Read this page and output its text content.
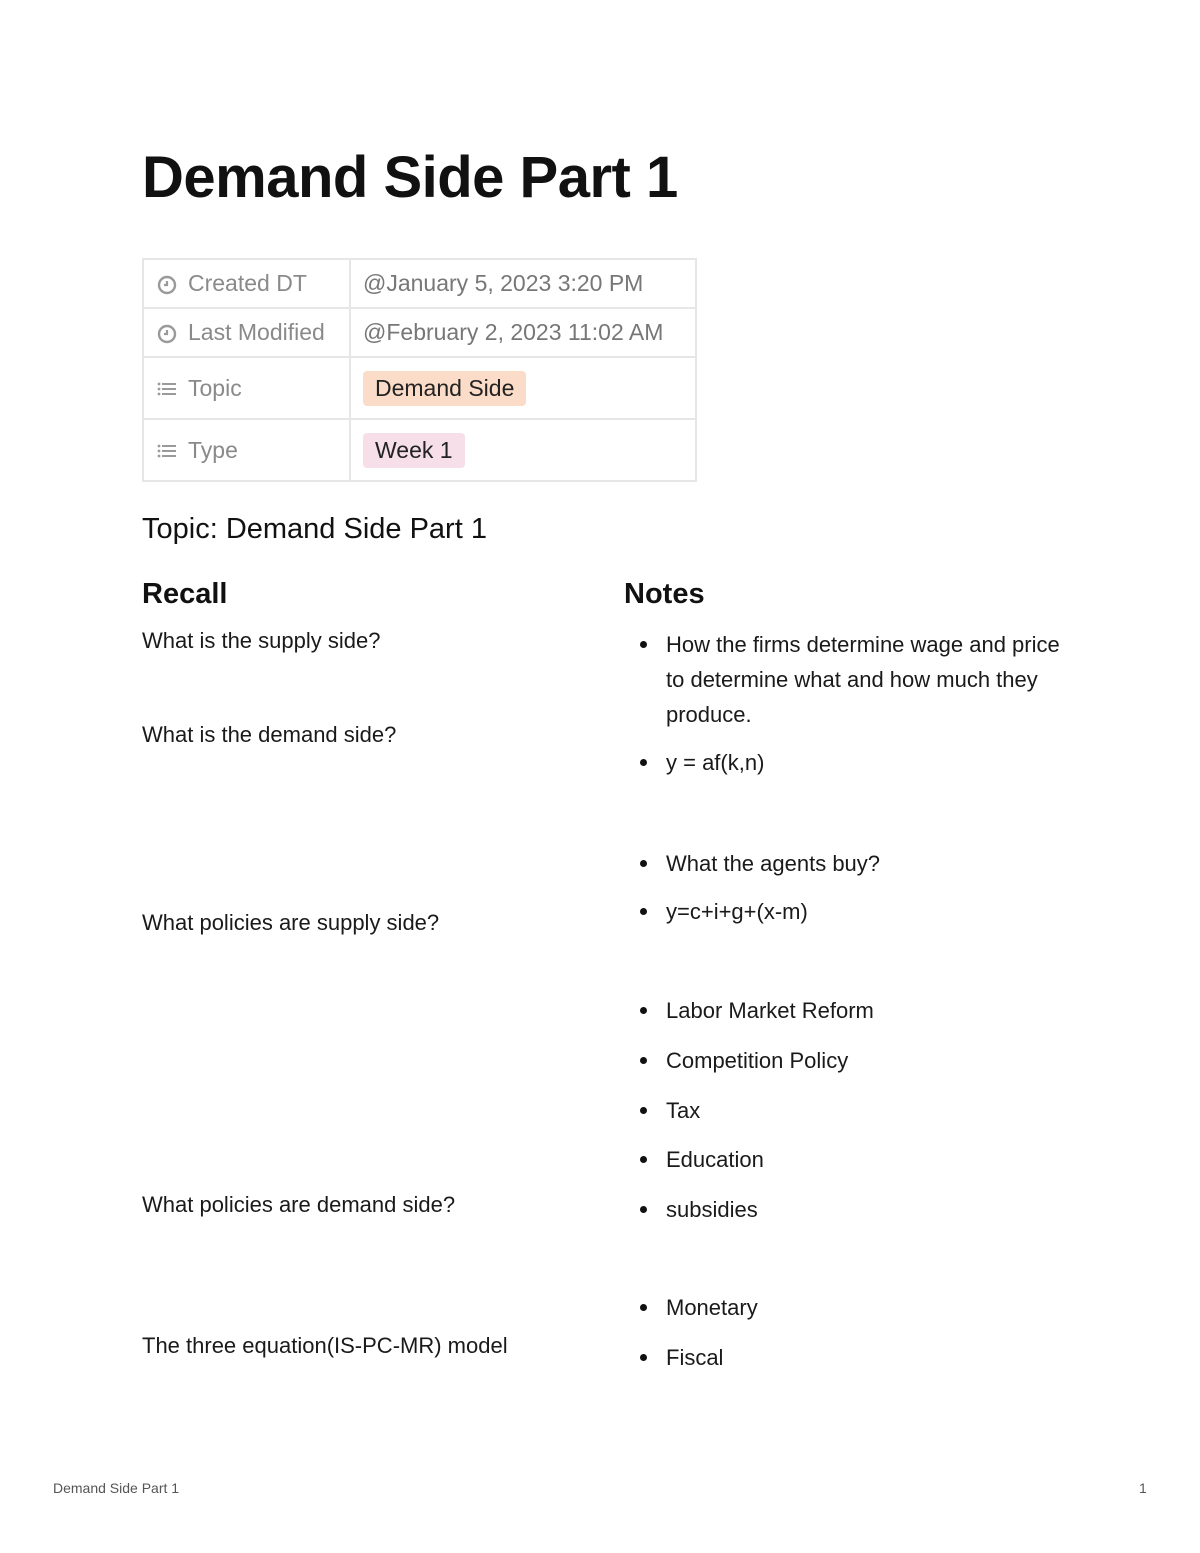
Demand Side Part 1
Created DT	@January 5, 2023 3:20 PM

Last Modified	@February 2, 2023 11:02 AM

Topic	Demand Side

Type	Week 1
Topic: Demand Side Part 1
Recall	Notes

What is the supply side?

What is the demand side?

What policies are supply side?

What policies are demand side?

The three equation(IS-PC-MR) model

How the firms determine wage and price to determine what and how much they produce.
y = af(k,n)
What the agents buy?
y=c+i+g+(x-m)
Labor Market Reform
Competition Policy
Tax
Education
subsidies
Monetary
Fiscal
Demand Side Part 1	1
